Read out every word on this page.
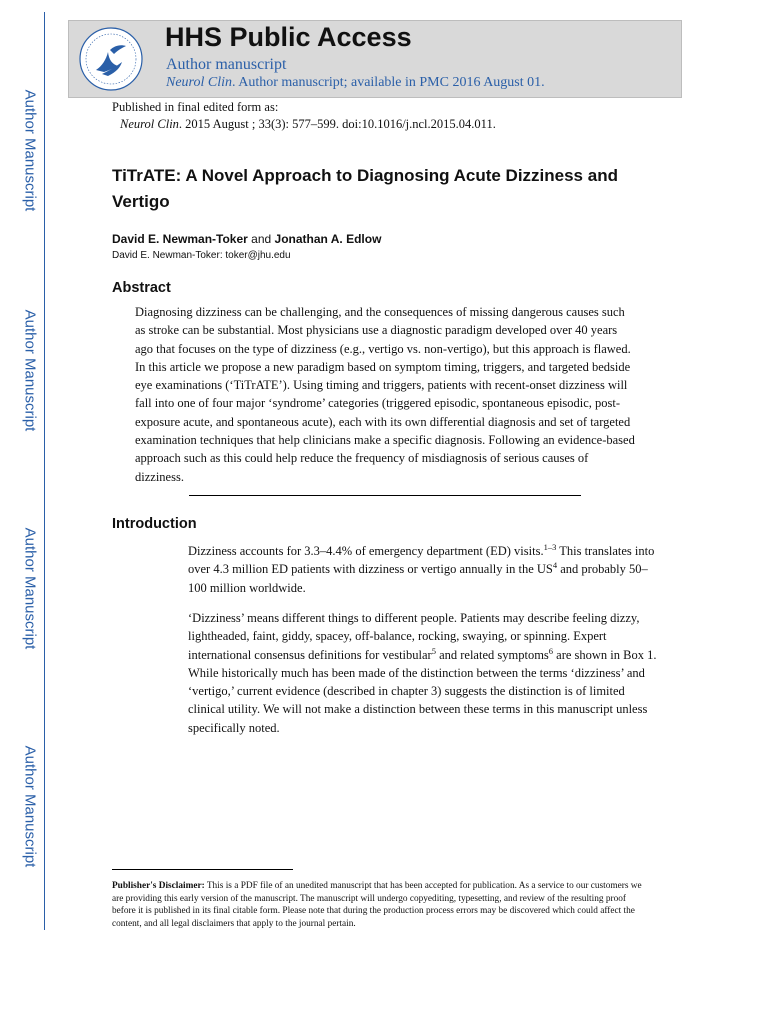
Author Manuscript
Author Manuscript
Author Manuscript
Author Manuscript
HHS Public Access
Author manuscript
Neurol Clin. Author manuscript; available in PMC 2016 August 01.
Published in final edited form as:
Neurol Clin. 2015 August ; 33(3): 577–599. doi:10.1016/j.ncl.2015.04.011.
TiTrATE: A Novel Approach to Diagnosing Acute Dizziness and Vertigo
David E. Newman-Toker and Jonathan A. Edlow
David E. Newman-Toker: toker@jhu.edu
Abstract

Diagnosing dizziness can be challenging, and the consequences of missing dangerous causes such as stroke can be substantial. Most physicians use a diagnostic paradigm developed over 40 years ago that focuses on the type of dizziness (e.g., vertigo vs. non-vertigo), but this approach is flawed. In this article we propose a new paradigm based on symptom timing, triggers, and targeted bedside eye examinations (‘TiTrATE’). Using timing and triggers, patients with recent-onset dizziness will fall into one of four major ‘syndrome’ categories (triggered episodic, spontaneous episodic, post-exposure acute, and spontaneous acute), each with its own differential diagnosis and set of targeted examination techniques that help clinicians make a specific diagnosis. Following an evidence-based approach such as this could help reduce the frequency of misdiagnosis of serious causes of dizziness.

Introduction

Dizziness accounts for 3.3–4.4% of emergency department (ED) visits.$^{1-3}$ This translates into over 4.3 million ED patients with dizziness or vertigo annually in the $US^4$ and probably 50–100 million worldwide.

‘Dizziness’ means different things to different people. Patients may describe feeling dizzy, lightheaded, faint, giddy, spacey, off-balance, rocking, swaying, or spinning. Expert international consensus definitions for vestibular$^5$ and related symptoms$^6$ are shown in Box 1. While historically much has been made of the distinction between the terms ‘dizziness’ and ‘vertigo,’ current evidence (described in chapter 3) suggests the distinction is of limited clinical utility. We will not make a distinction between these terms in this manuscript unless specifically noted.

Publisher's Disclaimer: This is a PDF file of an unedited manuscript that has been accepted for publication. As a service to our customers we are providing this early version of the manuscript. The manuscript will undergo copyediting, typesetting, and review of the resulting proof before it is published in its final citable form. Please note that during the production process errors may be discovered which could affect the content, and all legal disclaimers that apply to the journal pertain.
